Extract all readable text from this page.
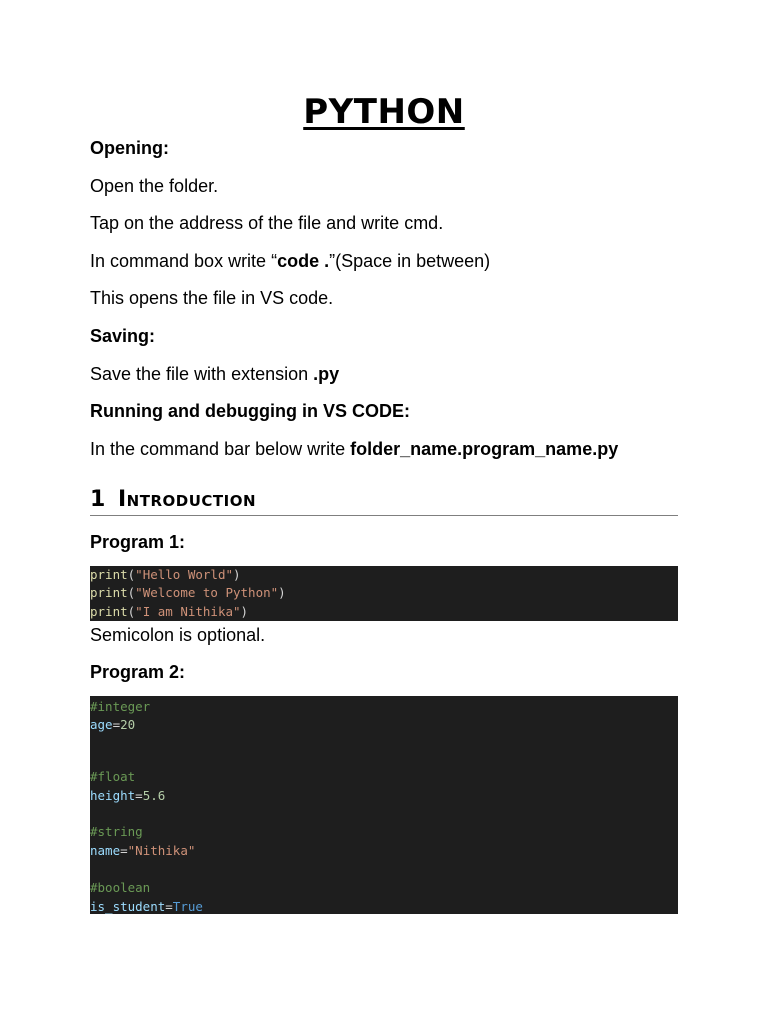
PYTHON
Opening:
Open the folder.
Tap on the address of the file and write cmd.
In command box write “code .”(Space in between)
This opens the file in VS code.
Saving:
Save the file with extension .py
Running and debugging in VS CODE:
In the command bar below write folder_name.program_name.py
1 Introduction
Program 1:
print("Hello World")
print("Welcome to Python")
print("I am Nithika")
Semicolon is optional.
Program 2:
#integer
age=20
#float
height=5.6
#string
name="Nithika"
#boolean
is_student=True
